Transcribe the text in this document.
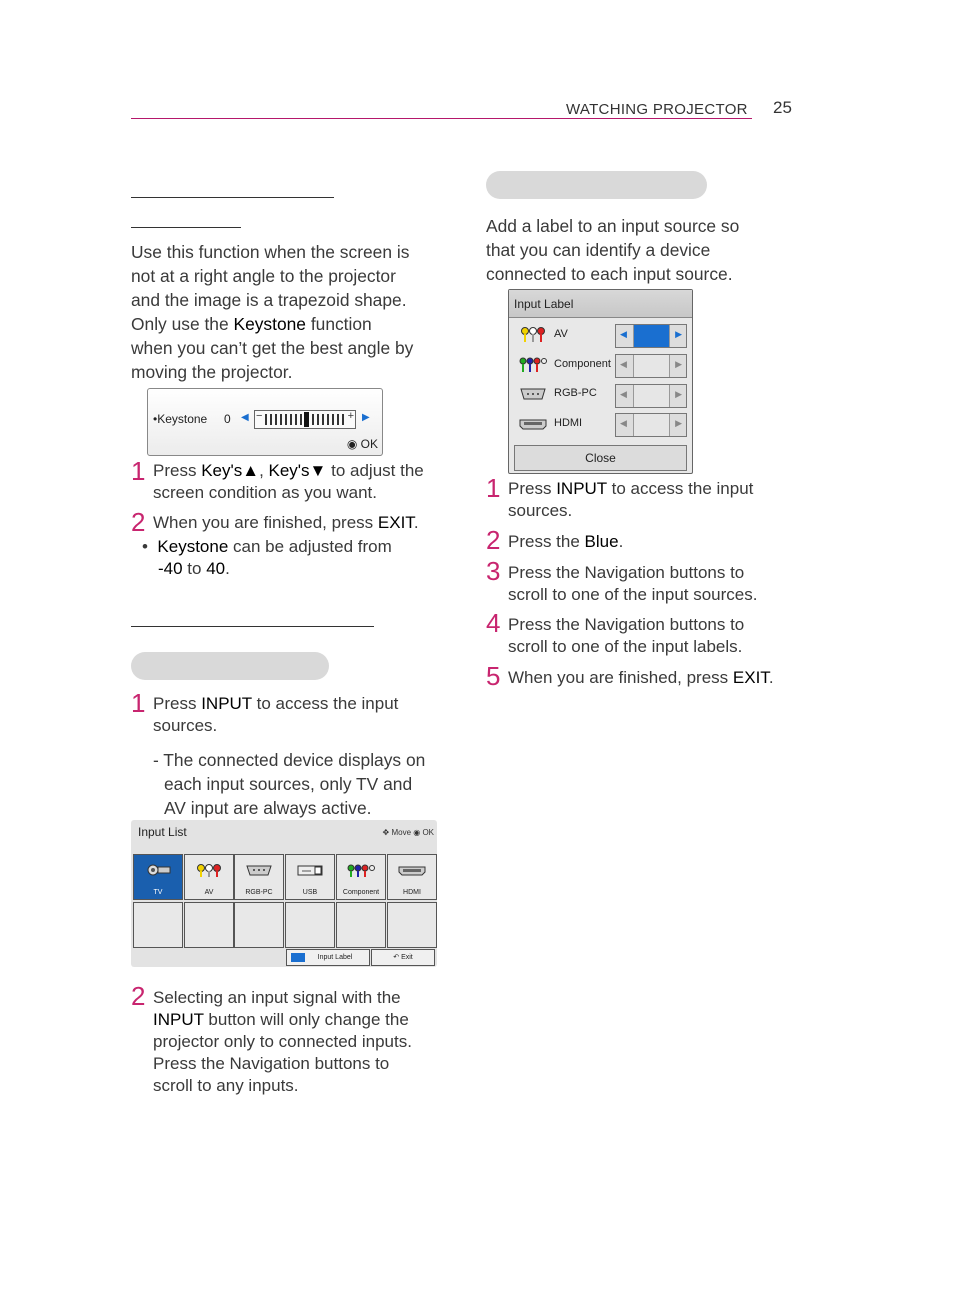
WATCHING PROJECTOR 25
Use this function when the screen is
not at a right angle to the projector
and the image is a trapezoid shape.
Only use the Keystone function
when you can’t get the best angle by
moving the projector.
•Keystone 0 ◀ −	+ ▶
◉ OK
1 Press Key's▲, Key's▼ to adjust the
screen condition as you want.
2 When you are finished, press EXIT.
• Keystone can be adjusted from
-40 to 40.
1 Press INPUT to access the input
sources.
- The connected device displays on
each input sources, only TV and
AV input are always active.
Input List	✥ Move ◉ OK
TV	AV	RGB-PC	USB	Component	HDMI
Input Label	↶ Exit
2 Selecting an input signal with the
INPUT button will only change the
projector only to connected inputs.
Press the Navigation buttons to
scroll to any inputs.
Add a label to an input source so
that you can identify a device
connected to each input source.
Input Label
AV	◀	▶
Component ◀	▶
RGB-PC	◀	▶
HDMI	◀	▶
Close
1 Press INPUT to access the input
sources.
2 Press the Blue.
3 Press the Navigation buttons to
scroll to one of the input sources.
4 Press the Navigation buttons to
scroll to one of the input labels.
5 When you are finished, press EXIT.
